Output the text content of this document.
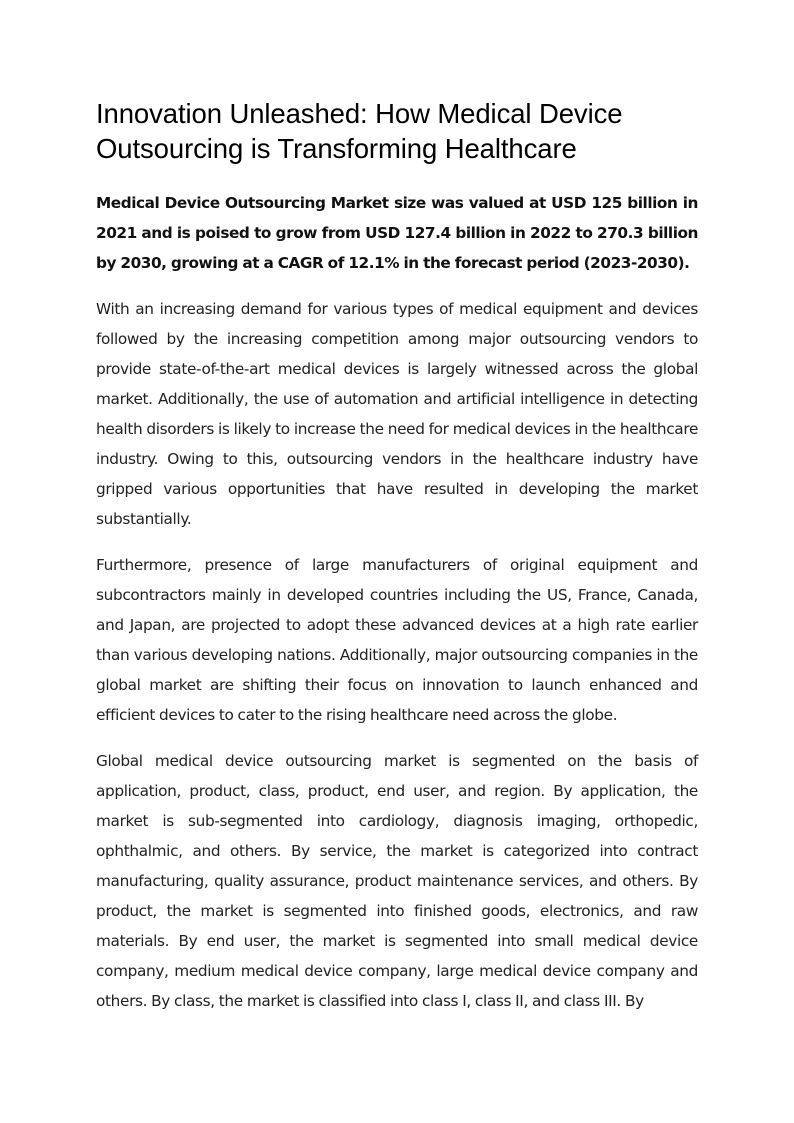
Innovation Unleashed: How Medical Device Outsourcing is Transforming Healthcare

Medical Device Outsourcing Market size was valued at USD 125 billion in 2021 and is poised to grow from USD 127.4 billion in 2022 to 270.3 billion by 2030, growing at a CAGR of 12.1% in the forecast period (2023-2030).

With an increasing demand for various types of medical equipment and devices followed by the increasing competition among major outsourcing vendors to provide state-of-the-art medical devices is largely witnessed across the global market. Additionally, the use of automation and artificial intelligence in detecting health disorders is likely to increase the need for medical devices in the healthcare industry. Owing to this, outsourcing vendors in the healthcare industry have gripped various opportunities that have resulted in developing the market substantially.

Furthermore, presence of large manufacturers of original equipment and subcontractors mainly in developed countries including the US, France, Canada, and Japan, are projected to adopt these advanced devices at a high rate earlier than various developing nations. Additionally, major outsourcing companies in the global market are shifting their focus on innovation to launch enhanced and efficient devices to cater to the rising healthcare need across the globe.

Global medical device outsourcing market is segmented on the basis of application, product, class, product, end user, and region. By application, the market is sub-segmented into cardiology, diagnosis imaging, orthopedic, ophthalmic, and others. By service, the market is categorized into contract manufacturing, quality assurance, product maintenance services, and others. By product, the market is segmented into finished goods, electronics, and raw materials. By end user, the market is segmented into small medical device company, medium medical device company, large medical device company and others. By class, the market is classified into class I, class II, and class III. By
